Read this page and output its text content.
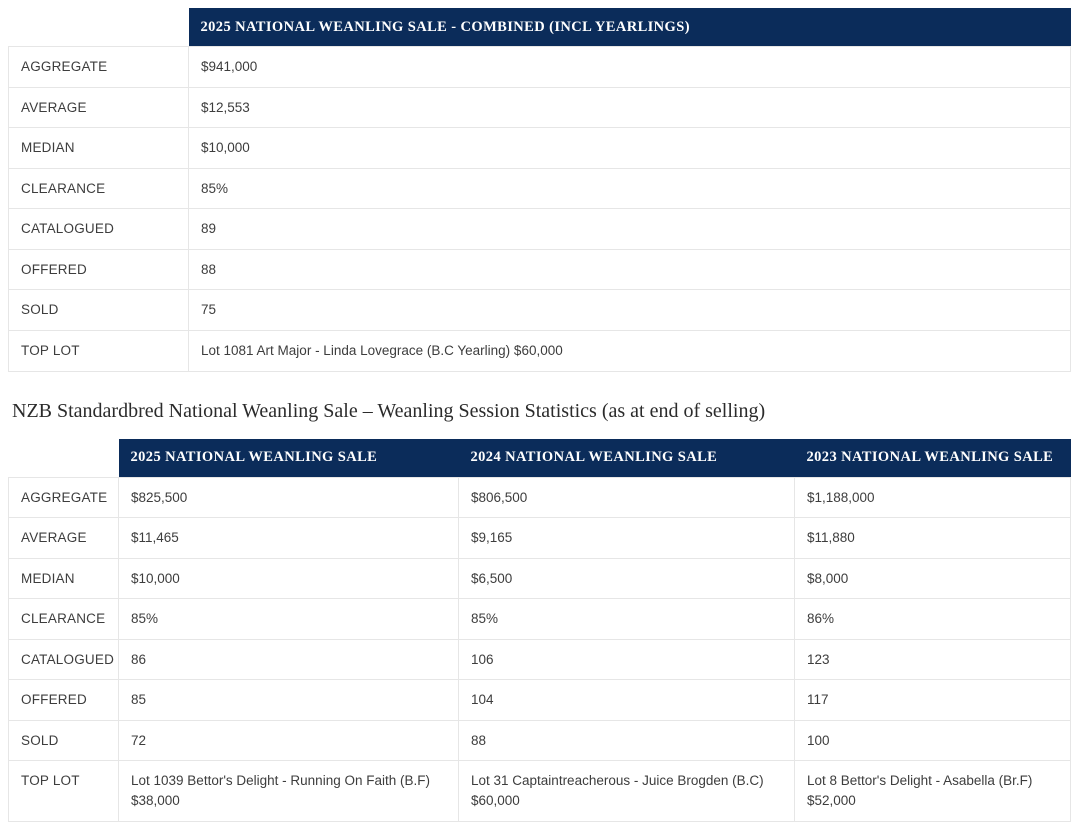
	2025 NATIONAL WEANLING SALE - COMBINED (INCL YEARLINGS)
AGGREGATE	$941,000
AVERAGE	$12,553
MEDIAN	$10,000
CLEARANCE	85%
CATALOGUED	89
OFFERED	88
SOLD	75
TOP LOT	Lot 1081 Art Major - Linda Lovegrace (B.C Yearling) $60,000
NZB Standardbred National Weanling Sale – Weanling Session Statistics (as at end of selling)
	2025 NATIONAL WEANLING SALE	2024 NATIONAL WEANLING SALE	2023 NATIONAL WEANLING SALE
AGGREGATE	$825,500	$806,500	$1,188,000
AVERAGE	$11,465	$9,165	$11,880
MEDIAN	$10,000	$6,500	$8,000
CLEARANCE	85%	85%	86%
CATALOGUED	86	106	123
OFFERED	85	104	117
SOLD	72	88	100
TOP LOT	Lot 1039 Bettor's Delight - Running On Faith (B.F) $38,000	Lot 31 Captaintreacherous - Juice Brogden (B.C) $60,000	Lot 8 Bettor's Delight - Asabella (Br.F) $52,000
